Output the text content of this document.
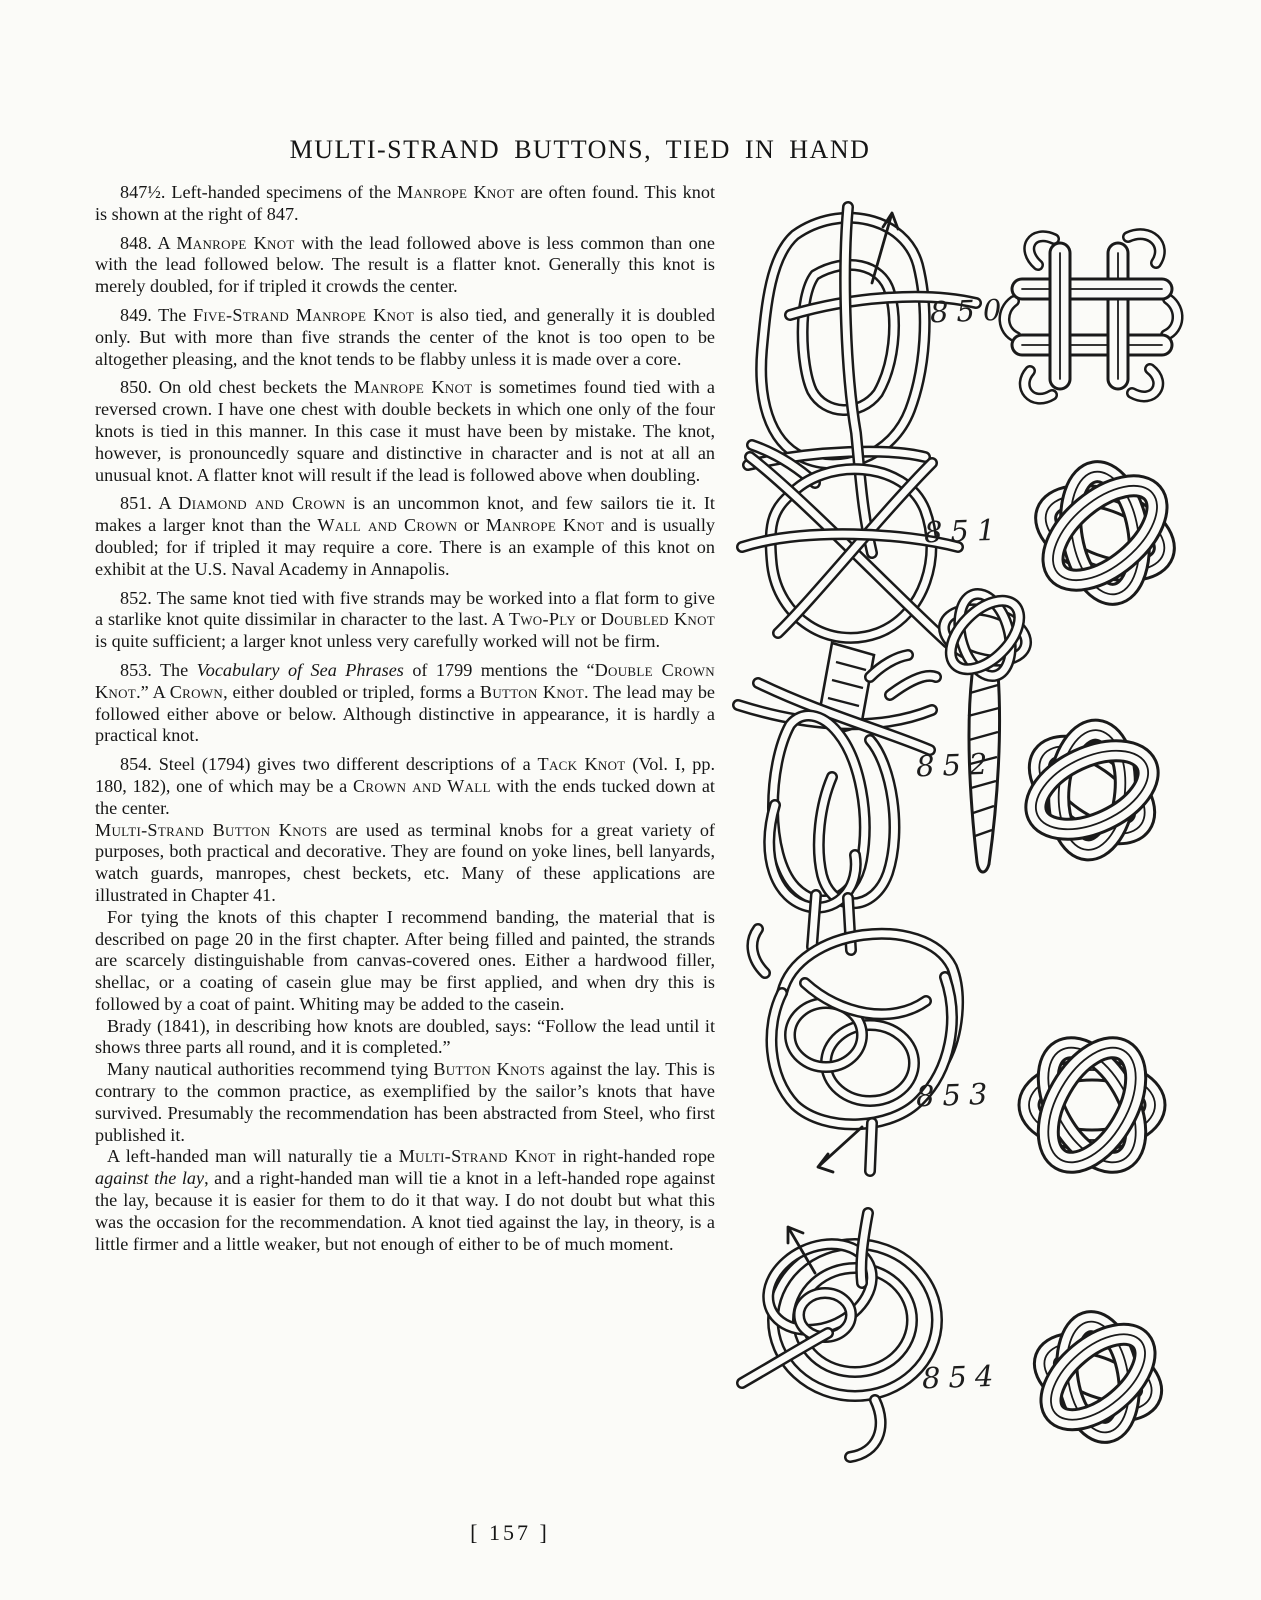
MULTI-STRAND BUTTONS, TIED IN HAND

847½. Left-handed specimens of the Manrope Knot are often found. This knot is shown at the right of 847.

848. A Manrope Knot with the lead followed above is less common than one with the lead followed below. The result is a flatter knot. Generally this knot is merely doubled, for if tripled it crowds the center.

849. The Five-Strand Manrope Knot is also tied, and generally it is doubled only. But with more than five strands the center of the knot is too open to be altogether pleasing, and the knot tends to be flabby unless it is made over a core.

850. On old chest beckets the Manrope Knot is sometimes found tied with a reversed crown. I have one chest with double beckets in which one only of the four knots is tied in this manner. In this case it must have been by mistake. The knot, however, is pronouncedly square and distinctive in character and is not at all an unusual knot. A flatter knot will result if the lead is followed above when doubling.

851. A Diamond and Crown is an uncommon knot, and few sailors tie it. It makes a larger knot than the Wall and Crown or Manrope Knot and is usually doubled; for if tripled it may require a core. There is an example of this knot on exhibit at the U.S. Naval Academy in Annapolis.

852. The same knot tied with five strands may be worked into a flat form to give a starlike knot quite dissimilar in character to the last. A Two-Ply or Doubled Knot is quite sufficient; a larger knot unless very carefully worked will not be firm.

853. The Vocabulary of Sea Phrases of 1799 mentions the “Double Crown Knot.” A Crown, either doubled or tripled, forms a Button Knot. The lead may be followed either above or below. Although distinctive in appearance, it is hardly a practical knot.

854. Steel (1794) gives two different descriptions of a Tack Knot (Vol. I, pp. 180, 182), one of which may be a Crown and Wall with the ends tucked down at the center.

Multi-Strand Button Knots are used as terminal knobs for a great variety of purposes, both practical and decorative. They are found on yoke lines, bell lanyards, watch guards, manropes, chest beckets, etc. Many of these applications are illustrated in Chapter 41.

For tying the knots of this chapter I recommend banding, the material that is described on page 20 in the first chapter. After being filled and painted, the strands are scarcely distinguishable from canvas-covered ones. Either a hardwood filler, shellac, or a coating of casein glue may be first applied, and when dry this is followed by a coat of paint. Whiting may be added to the casein.

Brady (1841), in describing how knots are doubled, says: “Follow the lead until it shows three parts all round, and it is completed.”

Many nautical authorities recommend tying Button Knots against the lay. This is contrary to the common practice, as exemplified by the sailor’s knots that have survived. Presumably the recommendation has been abstracted from Steel, who first published it.

A left-handed man will naturally tie a Multi-Strand Knot in right-handed rope against the lay, and a right-handed man will tie a knot in a left-handed rope against the lay, because it is easier for them to do it that way. I do not doubt but what this was the occasion for the recommendation. A knot tied against the lay, in theory, is a little firmer and a little weaker, but not enough of either to be of much moment.

850
851
852
853
854
[ 157 ]
